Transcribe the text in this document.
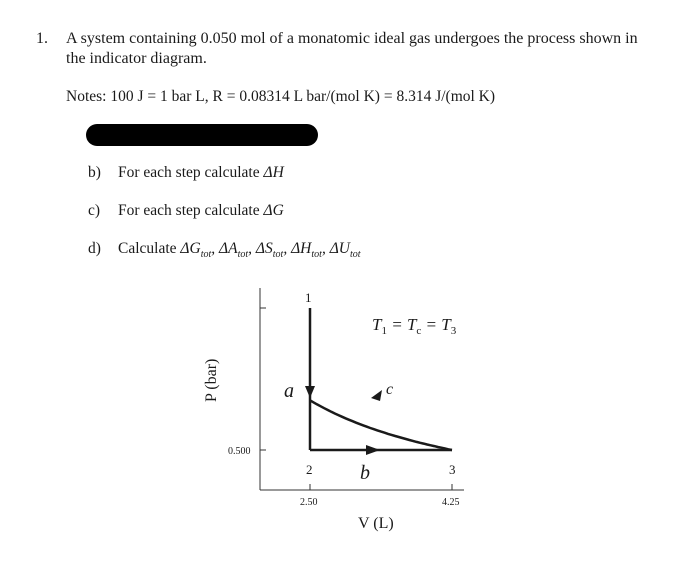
1. A system containing 0.050 mol of a monatomic ideal gas undergoes the process shown in
the indicator diagram.
Notes: 100 J = 1 bar L, R = 0.08314 L bar/(mol K) = 8.314 J/(mol K)
b) For each step calculate ΔH
c) For each step calculate ΔG
d) Calculate $\Delta G_{tot}$, $\Delta A_{tot}$, $\Delta S_{tot}$, $\Delta H_{tot}$, $\Delta U_{tot}$
1
2	3
a
b
c
$T_1 = T_c = T_3$
0.500
2.50	4.25
V (L)
P (bar)
